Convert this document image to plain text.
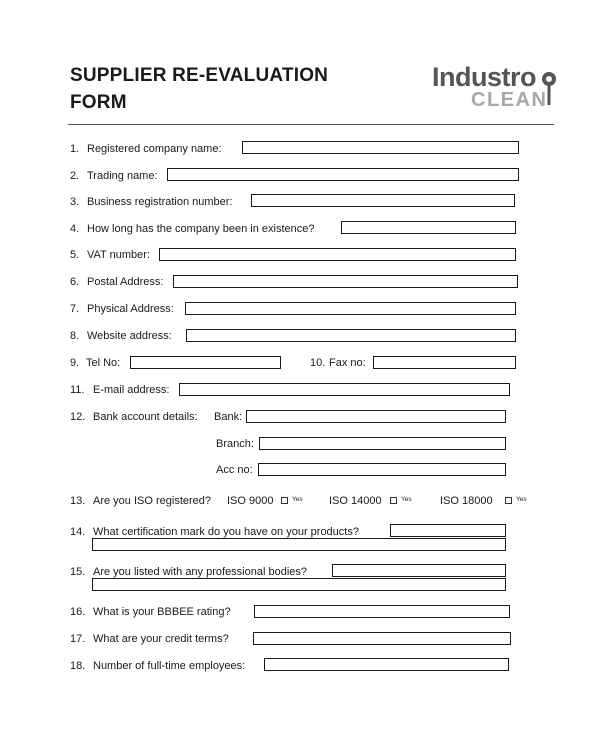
SUPPLIER RE-EVALUATION
FORM
Industro
CLEAN
1. Registered company name:
2. Trading name:
3. Business registration number:
4. How long has the company been in existence?
5. VAT number:
6. Postal Address:
7. Physical Address:
8. Website address:
9. Tel No:	10. Fax no:
11. E-mail address:
12. Bank account details: Bank:
Branch:
Acc no:
13. Are you ISO registered? ISO 9000	Yes ISO 14000	Yes	ISO 18000	Yes
14. What certification mark do you have on your products?
15. Are you listed with any professional bodies?
16. What is your BBBEE rating?
17. What are your credit terms?
18. Number of full-time employees:
